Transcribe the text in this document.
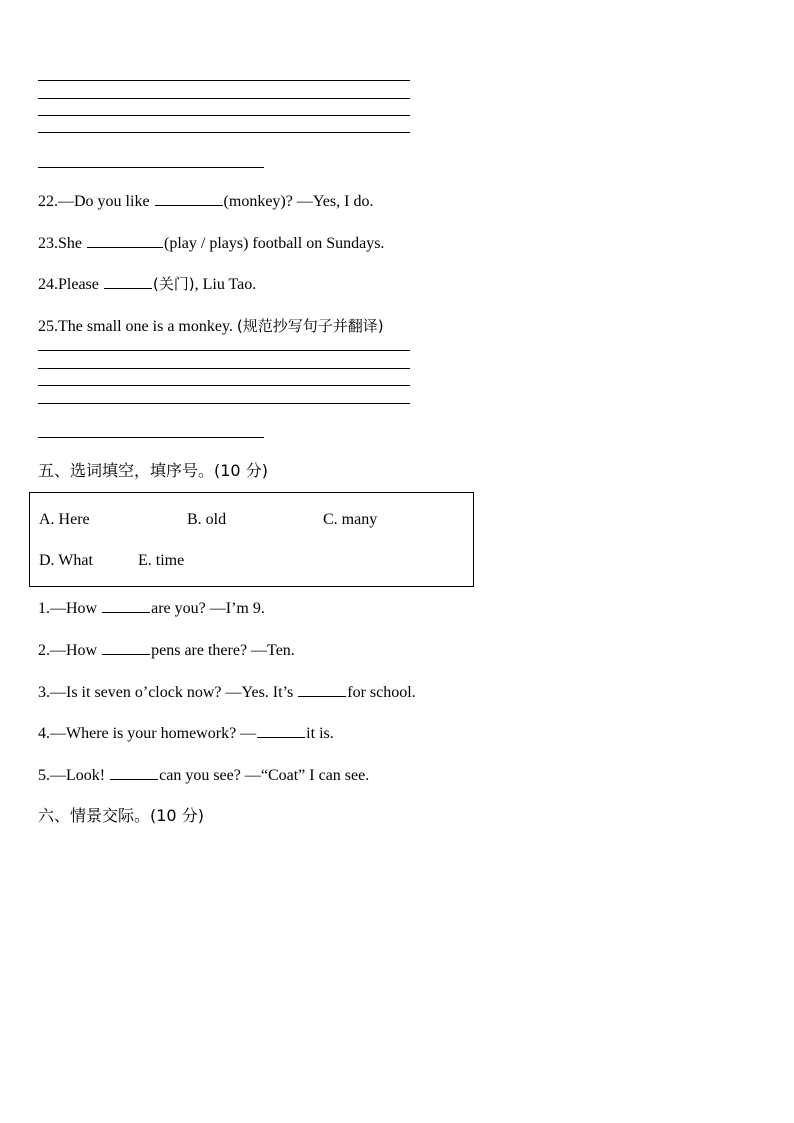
22.—Do you like	(monkey)? —Yes, I do.
23.She	(play / plays) football on Sundays.
24.Please	(关门), Liu Tao.
25.The small one is a monkey. (规范抄写句子并翻译)
五、选词填空，填序号。(10 分)
A. Here	B. old	C. many
D. What	E. time
1.—How	are you? —I’m 9.
2.—How	pens are there? —Ten.
3.—Is it seven o’clock now? —Yes. It’s	for school.
4.—Where is your homework? —	it is.
5.—Look!	can you see? —“Coat” I can see.
六、情景交际。(10 分)
